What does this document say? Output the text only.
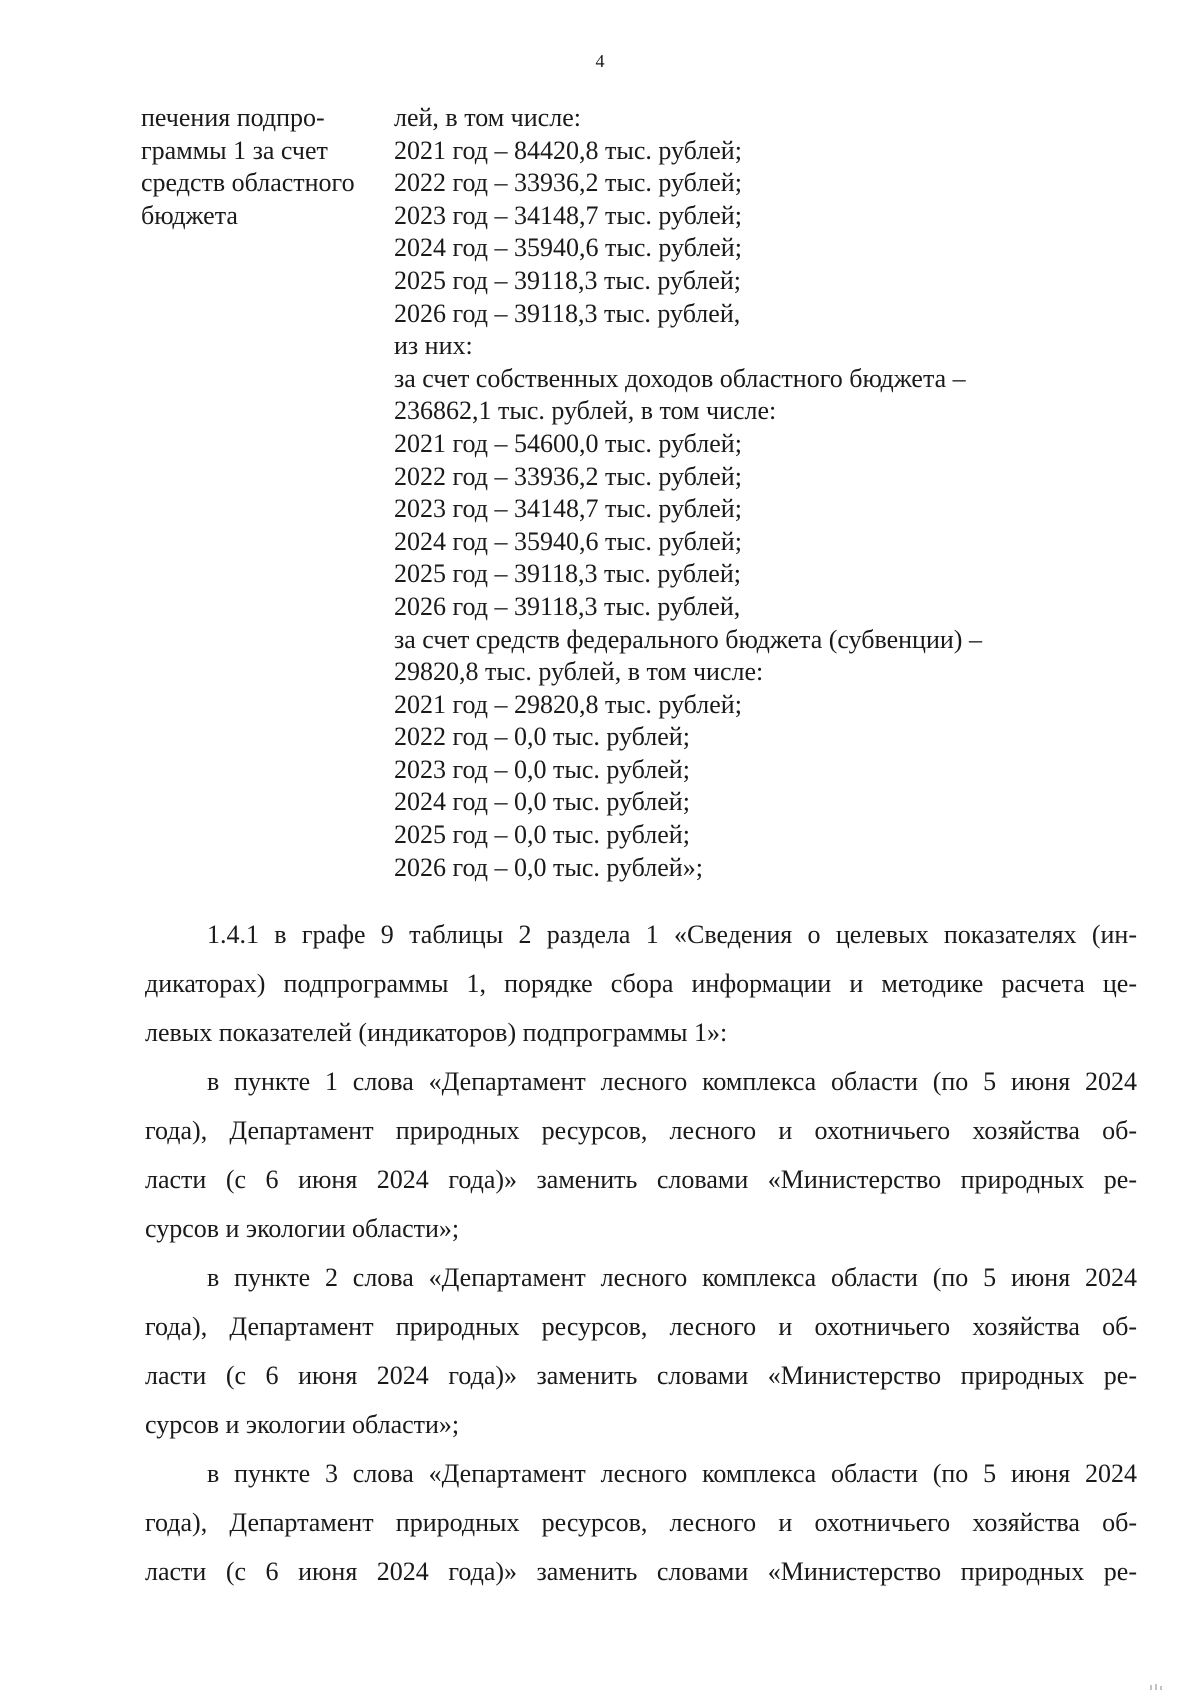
4
печения подпро-
граммы 1 за счет
средств областного
бюджета
лей, в том числе:
2021 год – 84420,8 тыс. рублей;
2022 год – 33936,2 тыс. рублей;
2023 год – 34148,7 тыс. рублей;
2024 год – 35940,6 тыс. рублей;
2025 год – 39118,3 тыс. рублей;
2026 год – 39118,3 тыс. рублей,
из них:
за счет собственных доходов областного бюджета –
236862,1 тыс. рублей, в том числе:
2021 год – 54600,0 тыс. рублей;
2022 год – 33936,2 тыс. рублей;
2023 год – 34148,7 тыс. рублей;
2024 год – 35940,6 тыс. рублей;
2025 год – 39118,3 тыс. рублей;
2026 год – 39118,3 тыс. рублей,
за счет средств федерального бюджета (субвенции) –
29820,8 тыс. рублей, в том числе:
2021 год – 29820,8 тыс. рублей;
2022 год – 0,0 тыс. рублей;
2023 год – 0,0 тыс. рублей;
2024 год – 0,0 тыс. рублей;
2025 год – 0,0 тыс. рублей;
2026 год – 0,0 тыс. рублей»;
1.4.1 в графе 9 таблицы 2 раздела 1 «Сведения о целевых показателях (ин-
дикаторах) подпрограммы 1, порядке сбора информации и методике расчета це-
левых показателей (индикаторов) подпрограммы 1»:
в пункте 1 слова «Департамент лесного комплекса области (по 5 июня 2024
года), Департамент природных ресурсов, лесного и охотничьего хозяйства об-
ласти (с 6 июня 2024 года)» заменить словами «Министерство природных ре-
сурсов и экологии области»;
в пункте 2 слова «Департамент лесного комплекса области (по 5 июня 2024
года), Департамент природных ресурсов, лесного и охотничьего хозяйства об-
ласти (с 6 июня 2024 года)» заменить словами «Министерство природных ре-
сурсов и экологии области»;
в пункте 3 слова «Департамент лесного комплекса области (по 5 июня 2024
года), Департамент природных ресурсов, лесного и охотничьего хозяйства об-
ласти (с 6 июня 2024 года)» заменить словами «Министерство природных ре-
